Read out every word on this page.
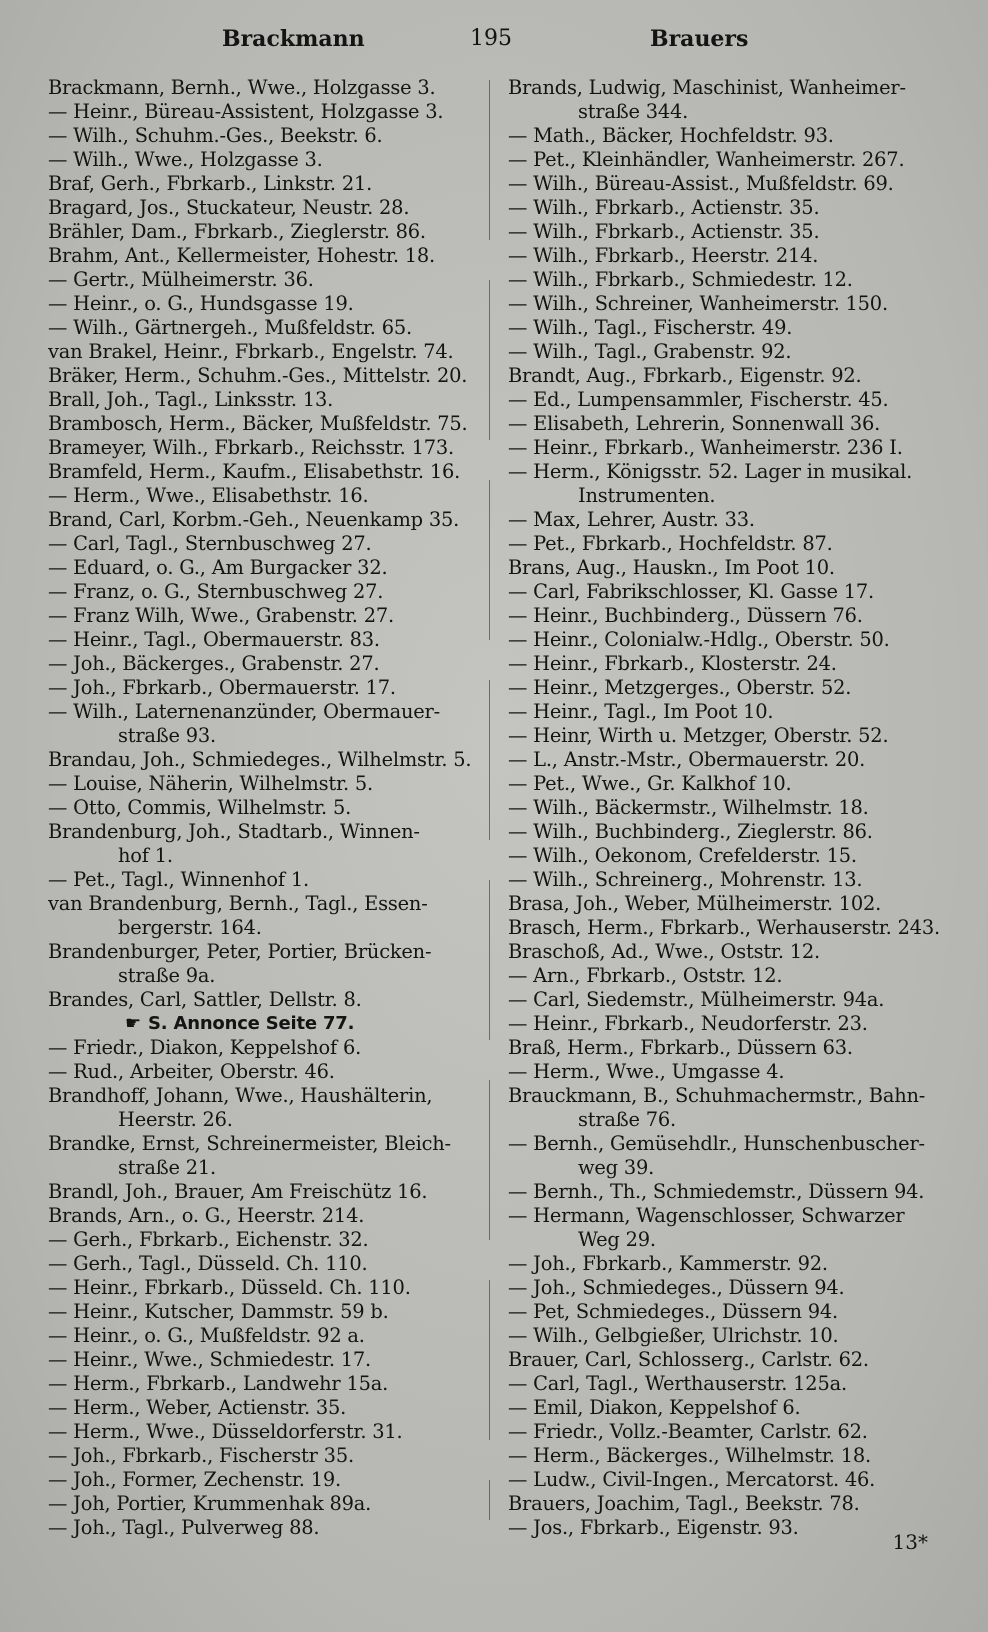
Brackmann	195	Brauers
Brackmann, Bernh., Wwe., Holzgasse 3.
— Heinr., Büreau-Assistent, Holzgasse 3.
— Wilh., Schuhm.-Ges., Beekstr. 6.
— Wilh., Wwe., Holzgasse 3.
Braf, Gerh., Fbrkarb., Linkstr. 21.
Bragard, Jos., Stuckateur, Neustr. 28.
Brähler, Dam., Fbrkarb., Zieglerstr. 86.
Brahm, Ant., Kellermeister, Hohestr. 18.
— Gertr., Mülheimerstr. 36.
— Heinr., o. G., Hundsgasse 19.
— Wilh., Gärtnergeh., Mußfeldstr. 65.
van Brakel, Heinr., Fbrkarb., Engelstr. 74.
Bräker, Herm., Schuhm.-Ges., Mittelstr. 20.
Brall, Joh., Tagl., Linksstr. 13.
Brambosch, Herm., Bäcker, Mußfeldstr. 75.
Brameyer, Wilh., Fbrkarb., Reichsstr. 173.
Bramfeld, Herm., Kaufm., Elisabethstr. 16.
— Herm., Wwe., Elisabethstr. 16.
Brand, Carl, Korbm.-Geh., Neuenkamp 35.
— Carl, Tagl., Sternbuschweg 27.
— Eduard, o. G., Am Burgacker 32.
— Franz, o. G., Sternbuschweg 27.
— Franz Wilh, Wwe., Grabenstr. 27.
— Heinr., Tagl., Obermauerstr. 83.
— Joh., Bäckerges., Grabenstr. 27.
— Joh., Fbrkarb., Obermauerstr. 17.
— Wilh., Laternenanzünder, Obermauer-
straße 93.
Brandau, Joh., Schmiedeges., Wilhelmstr. 5.
— Louise, Näherin, Wilhelmstr. 5.
— Otto, Commis, Wilhelmstr. 5.
Brandenburg, Joh., Stadtarb., Winnen-
hof 1.
— Pet., Tagl., Winnenhof 1.
van Brandenburg, Bernh., Tagl., Essen-
bergerstr. 164.
Brandenburger, Peter, Portier, Brücken-
straße 9a.
Brandes, Carl, Sattler, Dellstr. 8.
☛ S. Annonce Seite 77.
— Friedr., Diakon, Keppelshof 6.
— Rud., Arbeiter, Oberstr. 46.
Brandhoff, Johann, Wwe., Haushälterin,
Heerstr. 26.
Brandke, Ernst, Schreinermeister, Bleich-
straße 21.
Brandl, Joh., Brauer, Am Freischütz 16.
Brands, Arn., o. G., Heerstr. 214.
— Gerh., Fbrkarb., Eichenstr. 32.
— Gerh., Tagl., Düsseld. Ch. 110.
— Heinr., Fbrkarb., Düsseld. Ch. 110.
— Heinr., Kutscher, Dammstr. 59 b.
— Heinr., o. G., Mußfeldstr. 92 a.
— Heinr., Wwe., Schmiedestr. 17.
— Herm., Fbrkarb., Landwehr 15a.
— Herm., Weber, Actienstr. 35.
— Herm., Wwe., Düsseldorferstr. 31.
— Joh., Fbrkarb., Fischerstr 35.
— Joh., Former, Zechenstr. 19.
— Joh, Portier, Krummenhak 89a.
— Joh., Tagl., Pulverweg 88.
Brands, Ludwig, Maschinist, Wanheimer-
straße 344.
— Math., Bäcker, Hochfeldstr. 93.
— Pet., Kleinhändler, Wanheimerstr. 267.
— Wilh., Büreau-Assist., Mußfeldstr. 69.
— Wilh., Fbrkarb., Actienstr. 35.
— Wilh., Fbrkarb., Actienstr. 35.
— Wilh., Fbrkarb., Heerstr. 214.
— Wilh., Fbrkarb., Schmiedestr. 12.
— Wilh., Schreiner, Wanheimerstr. 150.
— Wilh., Tagl., Fischerstr. 49.
— Wilh., Tagl., Grabenstr. 92.
Brandt, Aug., Fbrkarb., Eigenstr. 92.
— Ed., Lumpensammler, Fischerstr. 45.
— Elisabeth, Lehrerin, Sonnenwall 36.
— Heinr., Fbrkarb., Wanheimerstr. 236 I.
— Herm., Königsstr. 52. Lager in musikal.
Instrumenten.
— Max, Lehrer, Austr. 33.
— Pet., Fbrkarb., Hochfeldstr. 87.
Brans, Aug., Hauskn., Im Poot 10.
— Carl, Fabrikschlosser, Kl. Gasse 17.
— Heinr., Buchbinderg., Düssern 76.
— Heinr., Colonialw.-Hdlg., Oberstr. 50.
— Heinr., Fbrkarb., Klosterstr. 24.
— Heinr., Metzgerges., Oberstr. 52.
— Heinr., Tagl., Im Poot 10.
— Heinr, Wirth u. Metzger, Oberstr. 52.
— L., Anstr.-Mstr., Obermauerstr. 20.
— Pet., Wwe., Gr. Kalkhof 10.
— Wilh., Bäckermstr., Wilhelmstr. 18.
— Wilh., Buchbinderg., Zieglerstr. 86.
— Wilh., Oekonom, Crefelderstr. 15.
— Wilh., Schreinerg., Mohrenstr. 13.
Brasa, Joh., Weber, Mülheimerstr. 102.
Brasch, Herm., Fbrkarb., Werhauserstr. 243.
Braschoß, Ad., Wwe., Oststr. 12.
— Arn., Fbrkarb., Oststr. 12.
— Carl, Siedemstr., Mülheimerstr. 94a.
— Heinr., Fbrkarb., Neudorferstr. 23.
Braß, Herm., Fbrkarb., Düssern 63.
— Herm., Wwe., Umgasse 4.
Brauckmann, B., Schuhmachermstr., Bahn-
straße 76.
— Bernh., Gemüsehdlr., Hunschenbuscher-
weg 39.
— Bernh., Th., Schmiedemstr., Düssern 94.
— Hermann, Wagenschlosser, Schwarzer
Weg 29.
— Joh., Fbrkarb., Kammerstr. 92.
— Joh., Schmiedeges., Düssern 94.
— Pet, Schmiedeges., Düssern 94.
— Wilh., Gelbgießer, Ulrichstr. 10.
Brauer, Carl, Schlosserg., Carlstr. 62.
— Carl, Tagl., Werthauserstr. 125a.
— Emil, Diakon, Keppelshof 6.
— Friedr., Vollz.-Beamter, Carlstr. 62.
— Herm., Bäckerges., Wilhelmstr. 18.
— Ludw., Civil-Ingen., Mercatorst. 46.
Brauers, Joachim, Tagl., Beekstr. 78.
— Jos., Fbrkarb., Eigenstr. 93.
13*
